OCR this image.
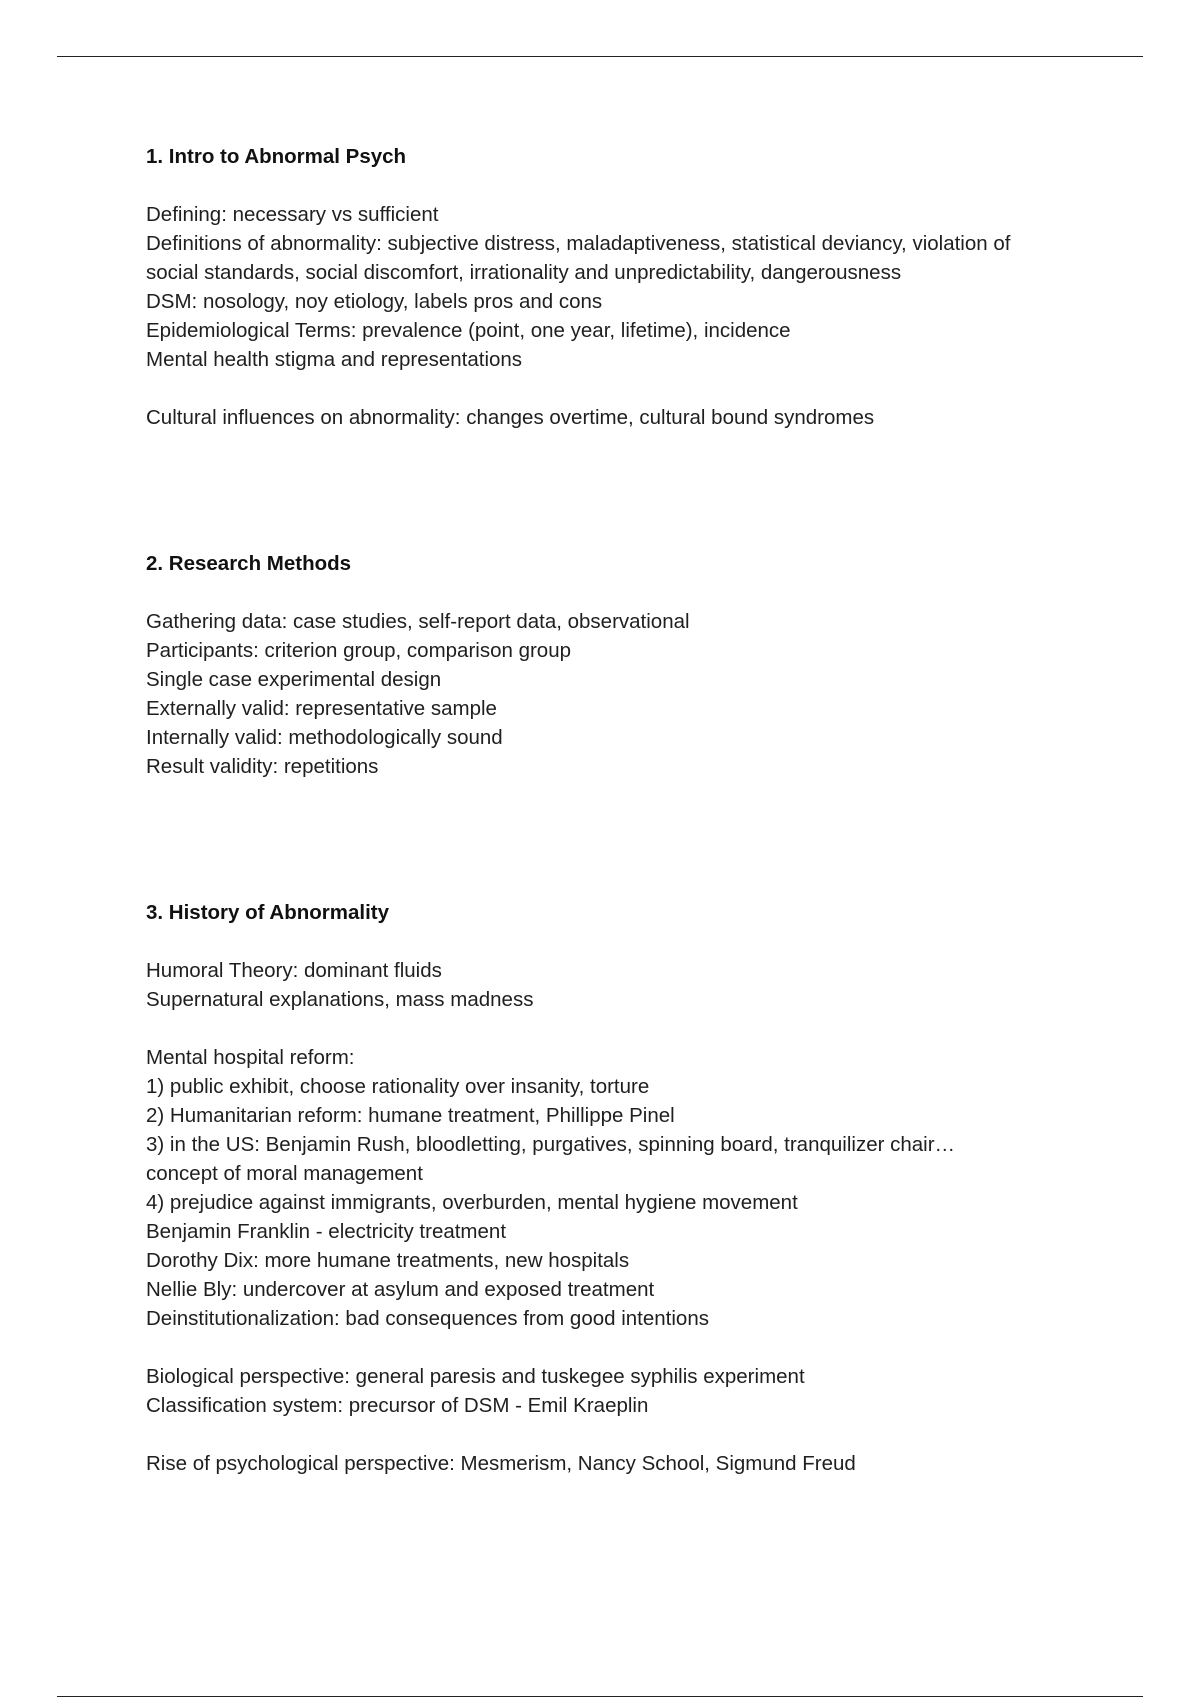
1. Intro to Abnormal Psych

Defining: necessary vs sufficient

Definitions of abnormality: subjective distress, maladaptiveness, statistical deviancy, violation of

social standards, social discomfort, irrationality and unpredictability, dangerousness

DSM: nosology, noy etiology, labels pros and cons

Epidemiological Terms: prevalence (point, one year, lifetime), incidence

Mental health stigma and representations

Cultural influences on abnormality: changes overtime, cultural bound syndromes

2. Research Methods

Gathering data: case studies, self-report data, observational

Participants: criterion group, comparison group

Single case experimental design

Externally valid: representative sample

Internally valid: methodologically sound

Result validity: repetitions

3. History of Abnormality

Humoral Theory: dominant fluids

Supernatural explanations, mass madness

Mental hospital reform:

1) public exhibit, choose rationality over insanity, torture

2) Humanitarian reform: humane treatment, Phillippe Pinel

3) in the US: Benjamin Rush, bloodletting, purgatives, spinning board, tranquilizer chair…

concept of moral management

4) prejudice against immigrants, overburden, mental hygiene movement

Benjamin Franklin - electricity treatment

Dorothy Dix: more humane treatments, new hospitals

Nellie Bly: undercover at asylum and exposed treatment

Deinstitutionalization: bad consequences from good intentions

Biological perspective: general paresis and tuskegee syphilis experiment

Classification system: precursor of DSM - Emil Kraeplin

Rise of psychological perspective: Mesmerism, Nancy School, Sigmund Freud
